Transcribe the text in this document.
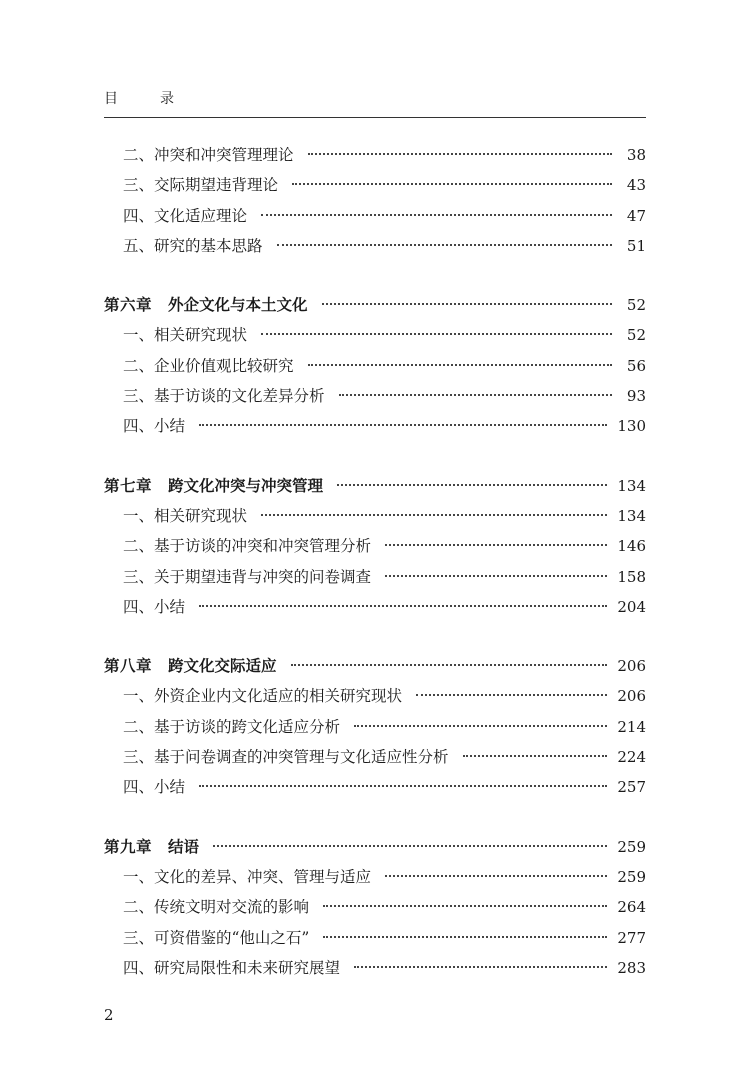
目　录
二、冲突和冲突管理理论	38
三、交际期望违背理论	43
四、文化适应理论	47
五、研究的基本思路	51
第六章 外企文化与本土文化	52
一、相关研究现状	52
二、企业价值观比较研究	56
三、基于访谈的文化差异分析	93
四、小结	130
第七章 跨文化冲突与冲突管理	134
一、相关研究现状	134
二、基于访谈的冲突和冲突管理分析	146
三、关于期望违背与冲突的问卷调查	158
四、小结	204
第八章 跨文化交际适应	206
一、外资企业内文化适应的相关研究现状	206
二、基于访谈的跨文化适应分析	214
三、基于问卷调查的冲突管理与文化适应性分析	224
四、小结	257
第九章 结语	259
一、文化的差异、冲突、管理与适应	259
二、传统文明对交流的影响	264
三、可资借鉴的“他山之石”	277
四、研究局限性和未来研究展望	283
2
